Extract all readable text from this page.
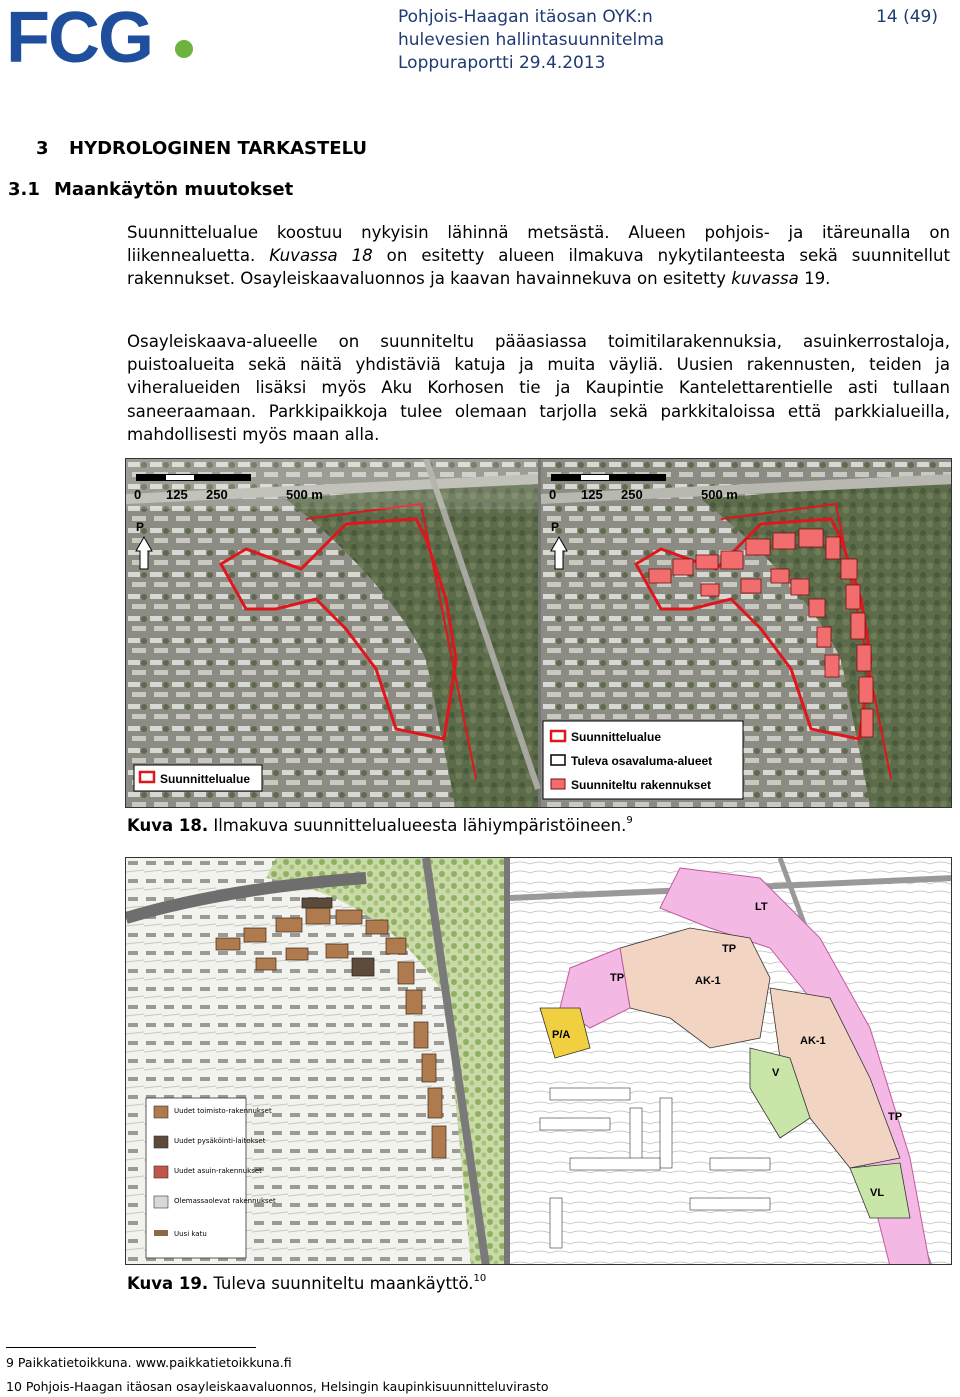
FCG	Pohjois-Haagan itäosan OYK:n
hulevesien hallintasuunnitelma
Loppuraportti 29.4.2013
14 (49)
3 HYDROLOGINEN TARKASTELU
3.1 Maankäytön muutokset
Suunnittelualue koostuu nykyisin lähinnä metsästä. Alueen pohjois- ja itäreunalla on liikennealuetta. Kuvassa 18 on esitetty alueen ilmakuva nykytilanteesta sekä suunnitellut rakennukset. Osayleiskaavaluonnos ja kaavan havainnekuva on esitetty kuvassa 19.
Osayleiskaava-alueelle on suunniteltu pääasiassa toimitilarakennuksia, asuinkerrostaloja, puistoalueita sekä näitä yhdistäviä katuja ja muita väyliä. Uusien rakennusten, teiden ja viheralueiden lisäksi myös Aku Korhosen tie ja Kaupintie Kantelettarentielle asti tullaan saneeraamaan. Parkkipaikkoja tulee olemaan tarjolla sekä parkkitaloissa että parkkialueilla, mahdollisesti myös maan alla.
0 125 250	500 m
P
Suunnittelualue
0 125 250	500 m
P
Suunnittelualue
Tuleva osavaluma-alueet
Suunniteltu rakennukset
Kuva 18. Ilmakuva suunnittelualueesta lähiympäristöineen.$^9$
Uudet toimisto-rakennukset
Uudet pysäköinti-laitokset
Uudet asuin-rakennukset
Olemassaolevat rakennukset
Uusi katu
LT
TP
AK-1
TP
P/A
V
AK-1
TP
VL
Kuva 19. Tuleva suunniteltu maankäyttö.$^{10}$
9 Paikkatietoikkuna. www.paikkatietoikkuna.fi
10 Pohjois-Haagan itäosan osayleiskaavaluonnos, Helsingin kaupinkisuunnitteluvirasto
